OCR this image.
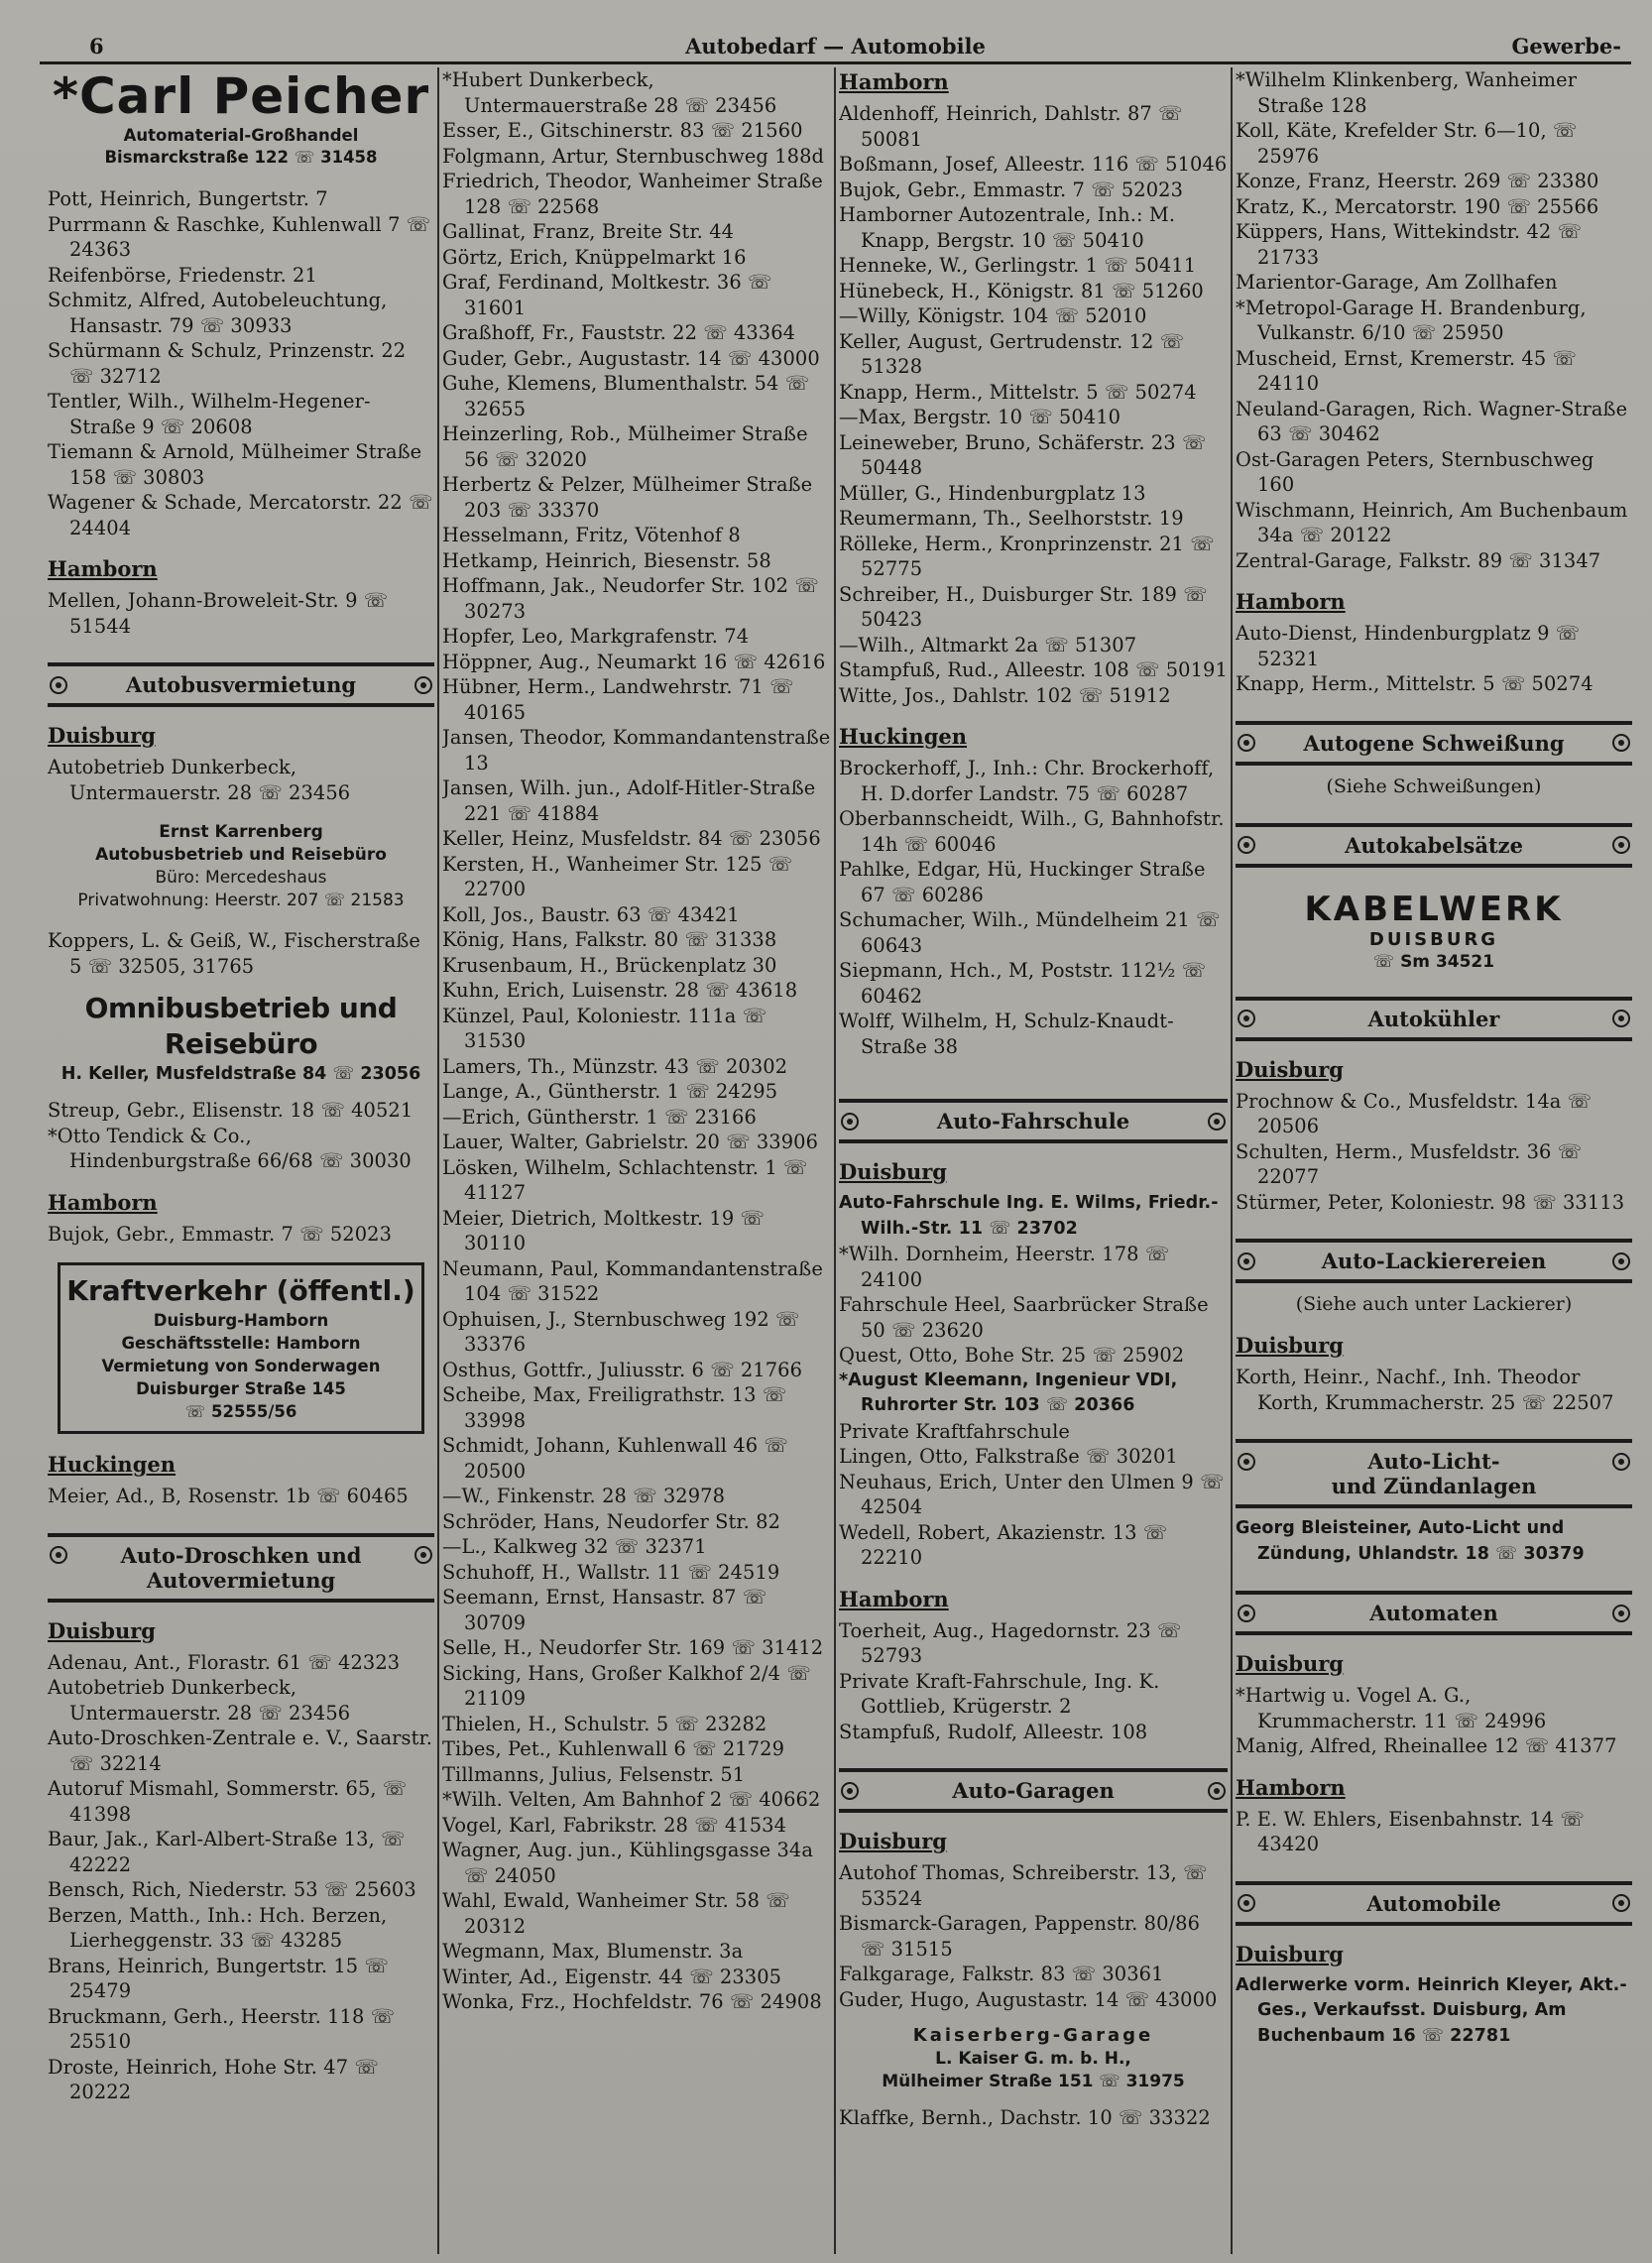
6	Autobedarf — Automobile	Gewerbe-
*Carl Peicher
Automaterial-Großhandel
Bismarckstraße 122 ☏ 31458
Pott, Heinrich, Bungertstr. 7
Purrmann & Raschke, Kuhlenwall 7 ☏ 24363
Reifenbörse, Friedenstr. 21
Schmitz, Alfred, Autobeleuchtung, Hansastr. 79 ☏ 30933
Schürmann & Schulz, Prinzenstr. 22 ☏ 32712
Tentler, Wilh., Wilhelm-Hegener-Straße 9 ☏ 20608
Tiemann & Arnold, Mülheimer Straße 158 ☏ 30803
Wagener & Schade, Mercatorstr. 22 ☏ 24404
Hamborn
Mellen, Johann-Broweleit-Str. 9 ☏ 51544
Autobusvermietung
Duisburg
Autobetrieb Dunkerbeck, Untermauerstr. 28 ☏ 23456
Ernst Karrenberg
Autobusbetrieb und Reisebüro
Büro: Mercedeshaus
Privatwohnung: Heerstr. 207 ☏ 21583
Koppers, L. & Geiß, W., Fischerstraße 5 ☏ 32505, 31765
Omnibusbetrieb und Reisebüro
H. Keller, Musfeldstraße 84 ☏ 23056
Streup, Gebr., Elisenstr. 18 ☏ 40521
*Otto Tendick & Co., Hindenburgstraße 66/68 ☏ 30030
Hamborn
Bujok, Gebr., Emmastr. 7 ☏ 52023
Kraftverkehr (öffentl.)
Duisburg-Hamborn
Geschäftsstelle: Hamborn
Vermietung von Sonderwagen
Duisburger Straße 145
☏ 52555/56
Huckingen
Meier, Ad., B, Rosenstr. 1b ☏ 60465
Auto-Droschken und
Autovermietung
Duisburg
Adenau, Ant., Florastr. 61 ☏ 42323
Autobetrieb Dunkerbeck, Untermauerstr. 28 ☏ 23456
Auto-Droschken-Zentrale e. V., Saarstr. ☏ 32214
Autoruf Mismahl, Sommerstr. 65, ☏ 41398
Baur, Jak., Karl-Albert-Straße 13, ☏ 42222
Bensch, Rich, Niederstr. 53 ☏ 25603
Berzen, Matth., Inh.: Hch. Berzen, Lierheggenstr. 33 ☏ 43285
Brans, Heinrich, Bungertstr. 15 ☏ 25479
Bruckmann, Gerh., Heerstr. 118 ☏ 25510
Droste, Heinrich, Hohe Str. 47 ☏ 20222
*Hubert Dunkerbeck, Untermauerstraße 28 ☏ 23456
Esser, E., Gitschinerstr. 83 ☏ 21560
Folgmann, Artur, Sternbuschweg 188d
Friedrich, Theodor, Wanheimer Straße 128 ☏ 22568
Gallinat, Franz, Breite Str. 44
Görtz, Erich, Knüppelmarkt 16
Graf, Ferdinand, Moltkestr. 36 ☏ 31601
Graßhoff, Fr., Fauststr. 22 ☏ 43364
Guder, Gebr., Augustastr. 14 ☏ 43000
Guhe, Klemens, Blumenthalstr. 54 ☏ 32655
Heinzerling, Rob., Mülheimer Straße 56 ☏ 32020
Herbertz & Pelzer, Mülheimer Straße 203 ☏ 33370
Hesselmann, Fritz, Vötenhof 8
Hetkamp, Heinrich, Biesenstr. 58
Hoffmann, Jak., Neudorfer Str. 102 ☏ 30273
Hopfer, Leo, Markgrafenstr. 74
Höppner, Aug., Neumarkt 16 ☏ 42616
Hübner, Herm., Landwehrstr. 71 ☏ 40165
Jansen, Theodor, Kommandantenstraße 13
Jansen, Wilh. jun., Adolf-Hitler-Straße 221 ☏ 41884
Keller, Heinz, Musfeldstr. 84 ☏ 23056
Kersten, H., Wanheimer Str. 125 ☏ 22700
Koll, Jos., Baustr. 63 ☏ 43421
König, Hans, Falkstr. 80 ☏ 31338
Krusenbaum, H., Brückenplatz 30
Kuhn, Erich, Luisenstr. 28 ☏ 43618
Künzel, Paul, Koloniestr. 111a ☏ 31530
Lamers, Th., Münzstr. 43 ☏ 20302
Lange, A., Güntherstr. 1 ☏ 24295
—Erich, Güntherstr. 1 ☏ 23166
Lauer, Walter, Gabrielstr. 20 ☏ 33906
Lösken, Wilhelm, Schlachtenstr. 1 ☏ 41127
Meier, Dietrich, Moltkestr. 19 ☏ 30110
Neumann, Paul, Kommandantenstraße 104 ☏ 31522
Ophuisen, J., Sternbuschweg 192 ☏ 33376
Osthus, Gottfr., Juliusstr. 6 ☏ 21766
Scheibe, Max, Freiligrathstr. 13 ☏ 33998
Schmidt, Johann, Kuhlenwall 46 ☏ 20500
—W., Finkenstr. 28 ☏ 32978
Schröder, Hans, Neudorfer Str. 82
—L., Kalkweg 32 ☏ 32371
Schuhoff, H., Wallstr. 11 ☏ 24519
Seemann, Ernst, Hansastr. 87 ☏ 30709
Selle, H., Neudorfer Str. 169 ☏ 31412
Sicking, Hans, Großer Kalkhof 2/4 ☏ 21109
Thielen, H., Schulstr. 5 ☏ 23282
Tibes, Pet., Kuhlenwall 6 ☏ 21729
Tillmanns, Julius, Felsenstr. 51
*Wilh. Velten, Am Bahnhof 2 ☏ 40662
Vogel, Karl, Fabrikstr. 28 ☏ 41534
Wagner, Aug. jun., Kühlingsgasse 34a ☏ 24050
Wahl, Ewald, Wanheimer Str. 58 ☏ 20312
Wegmann, Max, Blumenstr. 3a
Winter, Ad., Eigenstr. 44 ☏ 23305
Wonka, Frz., Hochfeldstr. 76 ☏ 24908
Hamborn
Aldenhoff, Heinrich, Dahlstr. 87 ☏ 50081
Boßmann, Josef, Alleestr. 116 ☏ 51046
Bujok, Gebr., Emmastr. 7 ☏ 52023
Hamborner Autozentrale, Inh.: M. Knapp, Bergstr. 10 ☏ 50410
Henneke, W., Gerlingstr. 1 ☏ 50411
Hünebeck, H., Königstr. 81 ☏ 51260
—Willy, Königstr. 104 ☏ 52010
Keller, August, Gertrudenstr. 12 ☏ 51328
Knapp, Herm., Mittelstr. 5 ☏ 50274
—Max, Bergstr. 10 ☏ 50410
Leineweber, Bruno, Schäferstr. 23 ☏ 50448
Müller, G., Hindenburgplatz 13
Reumermann, Th., Seelhorststr. 19
Rölleke, Herm., Kronprinzenstr. 21 ☏ 52775
Schreiber, H., Duisburger Str. 189 ☏ 50423
—Wilh., Altmarkt 2a ☏ 51307
Stampfuß, Rud., Alleestr. 108 ☏ 50191
Witte, Jos., Dahlstr. 102 ☏ 51912
Huckingen
Brockerhoff, J., Inh.: Chr. Brockerhoff, H. D.dorfer Landstr. 75 ☏ 60287
Oberbannscheidt, Wilh., G, Bahnhofstr. 14h ☏ 60046
Pahlke, Edgar, Hü, Huckinger Straße 67 ☏ 60286
Schumacher, Wilh., Mündelheim 21 ☏ 60643
Siepmann, Hch., M, Poststr. 112½ ☏ 60462
Wolff, Wilhelm, H, Schulz-Knaudt-Straße 38
Auto-Fahrschule
Duisburg
Auto-Fahrschule Ing. E. Wilms, Friedr.-Wilh.-Str. 11 ☏ 23702
*Wilh. Dornheim, Heerstr. 178 ☏ 24100
Fahrschule Heel, Saarbrücker Straße 50 ☏ 23620
Quest, Otto, Bohe Str. 25 ☏ 25902
*August Kleemann, Ingenieur VDI, Ruhrorter Str. 103 ☏ 20366
Private Kraftfahrschule
Lingen, Otto, Falkstraße ☏ 30201
Neuhaus, Erich, Unter den Ulmen 9 ☏ 42504
Wedell, Robert, Akazienstr. 13 ☏ 22210
Hamborn
Toerheit, Aug., Hagedornstr. 23 ☏ 52793
Private Kraft-Fahrschule, Ing. K. Gottlieb, Krügerstr. 2
Stampfuß, Rudolf, Alleestr. 108
Auto-Garagen
Duisburg
Autohof Thomas, Schreiberstr. 13, ☏ 53524
Bismarck-Garagen, Pappenstr. 80/86 ☏ 31515
Falkgarage, Falkstr. 83 ☏ 30361
Guder, Hugo, Augustastr. 14 ☏ 43000
Kaiserberg-Garage
L. Kaiser G. m. b. H.,
Mülheimer Straße 151 ☏ 31975
Klaffke, Bernh., Dachstr. 10 ☏ 33322
*Wilhelm Klinkenberg, Wanheimer Straße 128
Koll, Käte, Krefelder Str. 6—10, ☏ 25976
Konze, Franz, Heerstr. 269 ☏ 23380
Kratz, K., Mercatorstr. 190 ☏ 25566
Küppers, Hans, Wittekindstr. 42 ☏ 21733
Marientor-Garage, Am Zollhafen
*Metropol-Garage H. Brandenburg, Vulkanstr. 6/10 ☏ 25950
Muscheid, Ernst, Kremerstr. 45 ☏ 24110
Neuland-Garagen, Rich. Wagner-Straße 63 ☏ 30462
Ost-Garagen Peters, Sternbuschweg 160
Wischmann, Heinrich, Am Buchenbaum 34a ☏ 20122
Zentral-Garage, Falkstr. 89 ☏ 31347
Hamborn
Auto-Dienst, Hindenburgplatz 9 ☏ 52321
Knapp, Herm., Mittelstr. 5 ☏ 50274
Autogene Schweißung
(Siehe Schweißungen)
Autokabelsätze
KABELWERK
DUISBURG
☏ Sm 34521
Autokühler
Duisburg
Prochnow & Co., Musfeldstr. 14a ☏ 20506
Schulten, Herm., Musfeldstr. 36 ☏ 22077
Stürmer, Peter, Koloniestr. 98 ☏ 33113
Auto-Lackierereien
(Siehe auch unter Lackierer)
Duisburg
Korth, Heinr., Nachf., Inh. Theodor Korth, Krummacherstr. 25 ☏ 22507
Auto-Licht-
und Zündanlagen
Georg Bleisteiner, Auto-Licht und Zündung, Uhlandstr. 18 ☏ 30379
Automaten
Duisburg
*Hartwig u. Vogel A. G., Krummacherstr. 11 ☏ 24996
Manig, Alfred, Rheinallee 12 ☏ 41377
Hamborn
P. E. W. Ehlers, Eisenbahnstr. 14 ☏ 43420
Automobile
Duisburg
Adlerwerke vorm. Heinrich Kleyer, Akt.-Ges., Verkaufsst. Duisburg, Am Buchenbaum 16 ☏ 22781
